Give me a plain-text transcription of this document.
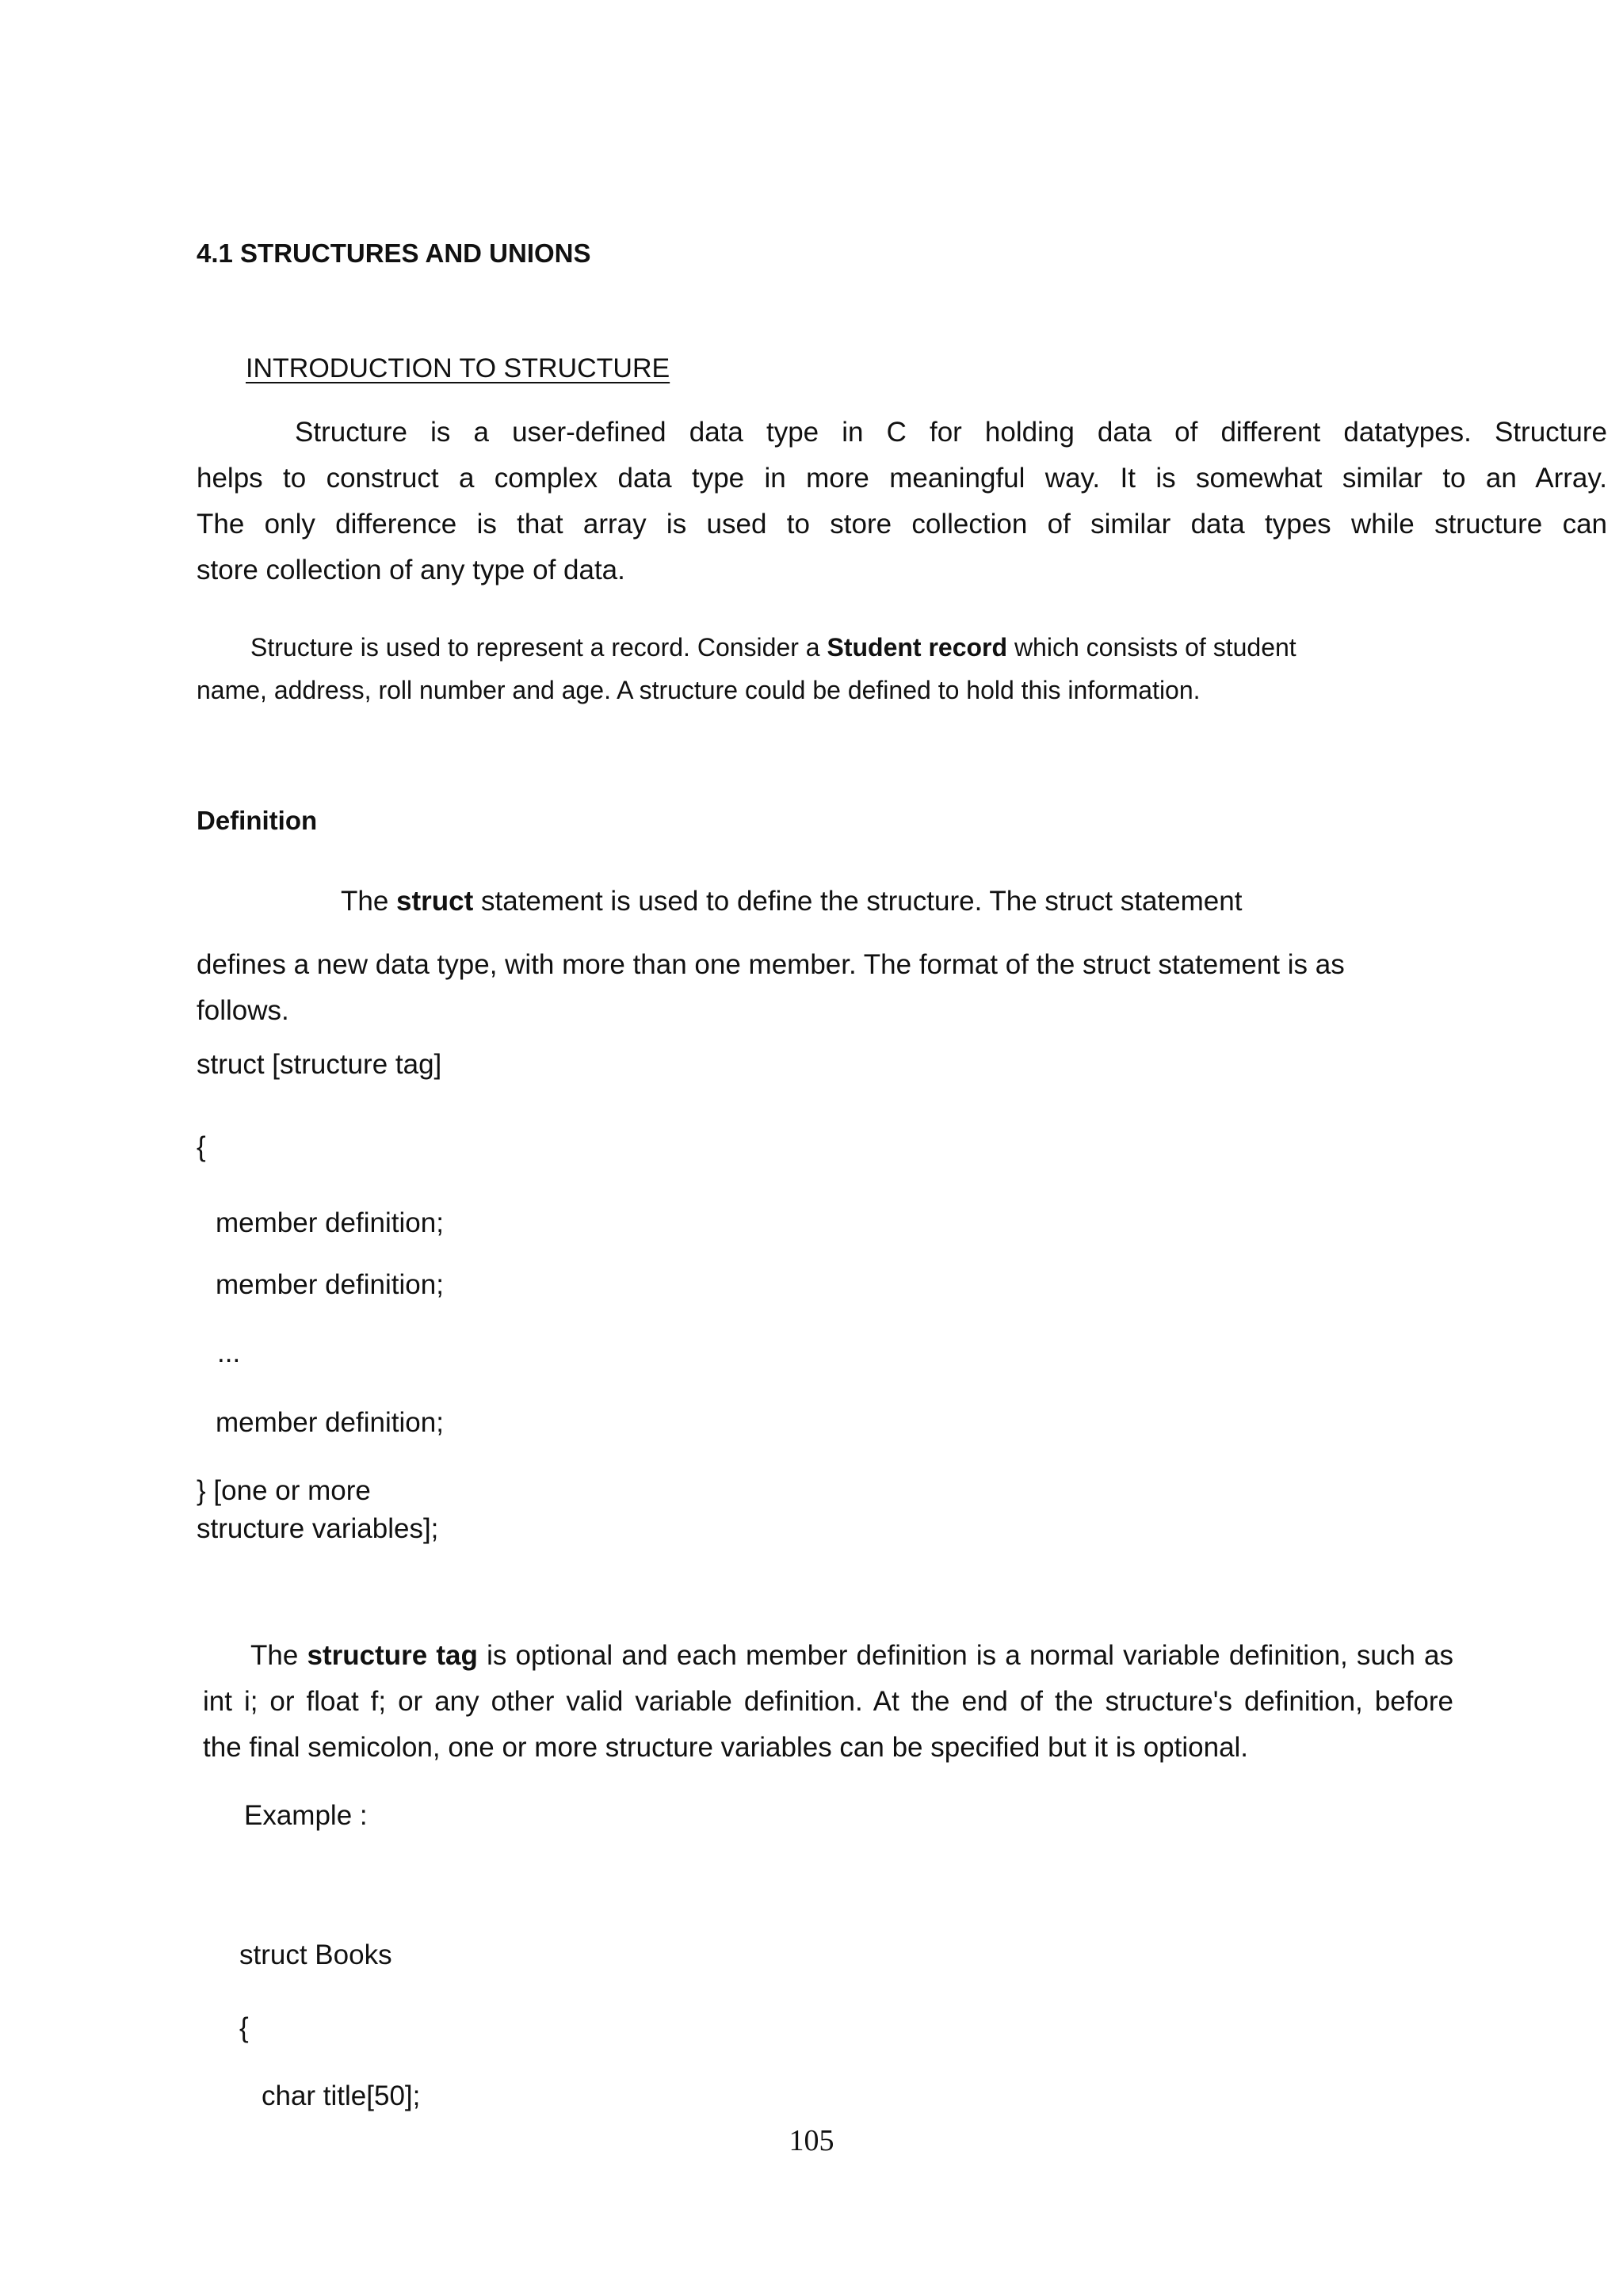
4.1 STRUCTURES AND UNIONS

INTRODUCTION TO STRUCTURE

Structure is a user-defined data type in C for holding data of different datatypes. Structure

helps to construct a complex data type in more meaningful way. It is somewhat similar to an Array.

The only difference is that array is used to store collection of similar data types while structure can

store collection of any type of data.

Structure is used to represent a record. Consider a Student record which consists of student

name, address, roll number and age. A structure could be defined to hold this information.

Definition

The struct statement is used to define the structure. The struct statement

defines a new data type, with more than one member. The format of the struct statement is as

follows.

struct [structure tag]

{

member definition;

member definition;

...

member definition;

} [one or more

structure variables];

The structure tag is optional and each member definition is a normal variable definition, such as

int i; or float f; or any other valid variable definition. At the end of the structure's definition, before

the final semicolon, one or more structure variables can be specified but it is optional.

Example :

struct Books

{

char title[50];

105
